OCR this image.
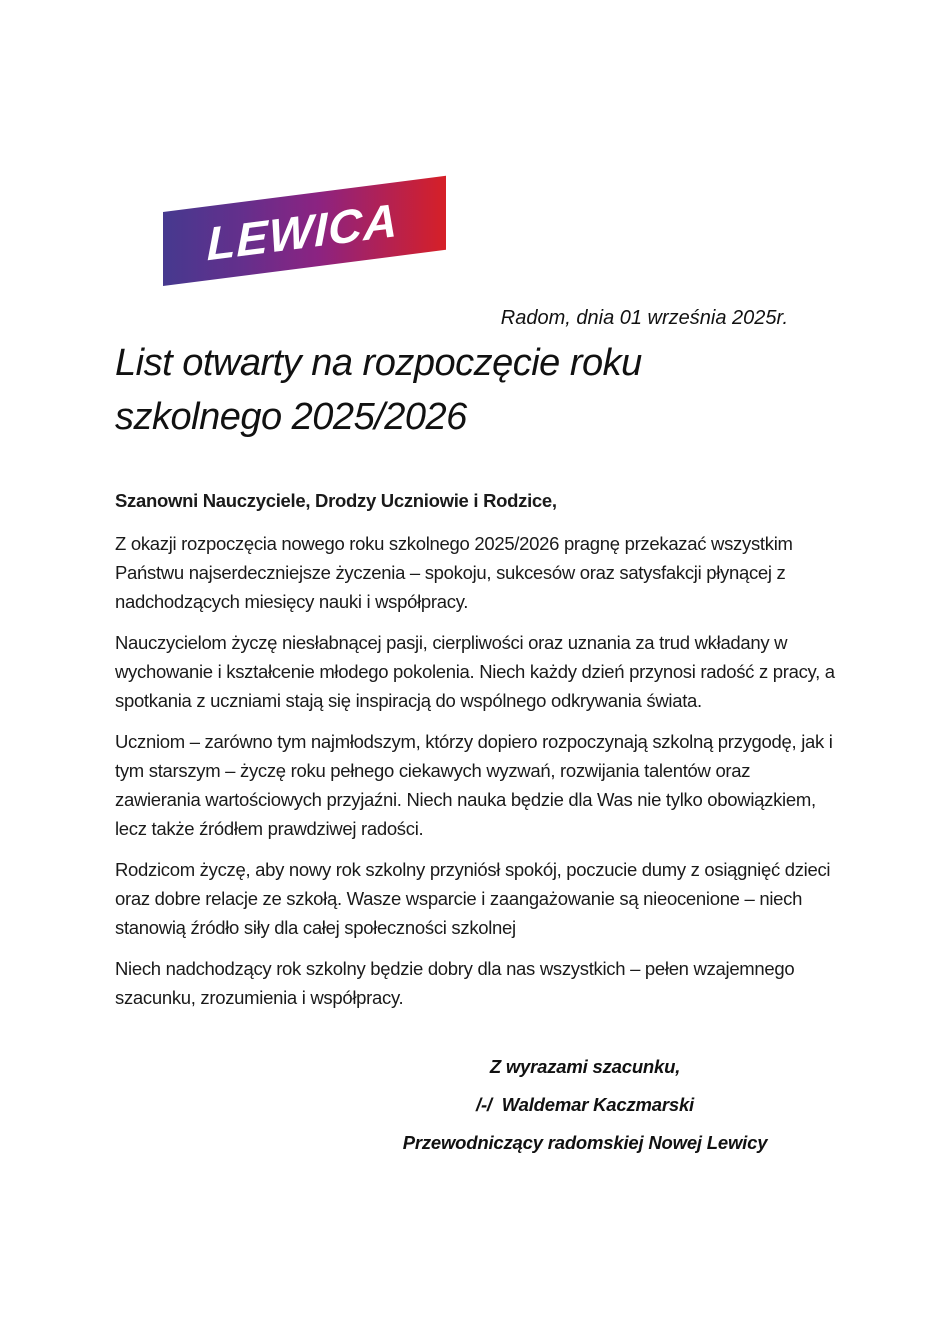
LEWICA
Radom, dnia 01 września 2025r.
List otwarty na rozpoczęcie roku
szkolnego 2025/2026
Szanowni Nauczyciele, Drodzy Uczniowie i Rodzice,

Z okazji rozpoczęcia nowego roku szkolnego 2025/2026 pragnę przekazać wszystkim Państwu najserdeczniejsze życzenia – spokoju, sukcesów oraz satysfakcji płynącej z nadchodzących miesięcy nauki i współpracy.

Nauczycielom życzę niesłabnącej pasji, cierpliwości oraz uznania za trud wkładany w wychowanie i kształcenie młodego pokolenia. Niech każdy dzień przynosi radość z pracy, a spotkania z uczniami stają się inspiracją do wspólnego odkrywania świata.

Uczniom – zarówno tym najmłodszym, którzy dopiero rozpoczynają szkolną przygodę, jak i tym starszym – życzę roku pełnego ciekawych wyzwań, rozwijania talentów oraz zawierania wartościowych przyjaźni. Niech nauka będzie dla Was nie tylko obowiązkiem, lecz także źródłem prawdziwej radości.

Rodzicom życzę, aby nowy rok szkolny przyniósł spokój, poczucie dumy z osiągnięć dzieci oraz dobre relacje ze szkołą. Wasze wsparcie i zaangażowanie są nieocenione – niech stanowią źródło siły dla całej społeczności szkolnej

Niech nadchodzący rok szkolny będzie dobry dla nas wszystkich – pełen wzajemnego szacunku, zrozumienia i współpracy.

Z wyrazami szacunku,
/-/  Waldemar Kaczmarski
Przewodniczący radomskiej Nowej Lewicy
